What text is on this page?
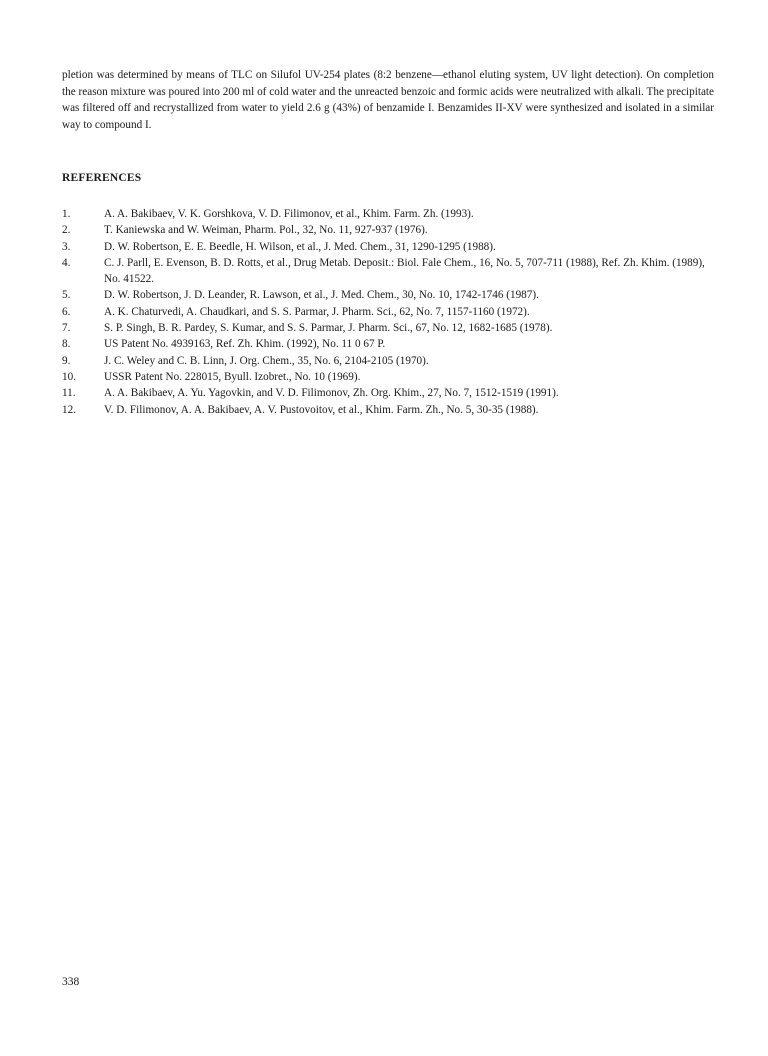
pletion was determined by means of TLC on Silufol UV-254 plates (8:2 benzene—ethanol eluting system, UV light detection). On completion the reason mixture was poured into 200 ml of cold water and the unreacted benzoic and formic acids were neutralized with alkali. The precipitate was filtered off and recrystallized from water to yield 2.6 g (43%) of benzamide I. Benzamides II-XV were synthesized and isolated in a similar way to compound I.

REFERENCES
1.	A. A. Bakibaev, V. K. Gorshkova, V. D. Filimonov, et al., Khim. Farm. Zh. (1993).
2.	T. Kaniewska and W. Weiman, Pharm. Pol., 32, No. 11, 927-937 (1976).
3.	D. W. Robertson, E. E. Beedle, H. Wilson, et al., J. Med. Chem., 31, 1290-1295 (1988).
4.	C. J. Parll, E. Evenson, B. D. Rotts, et al., Drug Metab. Deposit.: Biol. Fale Chem., 16, No. 5, 707-711 (1988), Ref. Zh. Khim. (1989), No. 41522.
5.	D. W. Robertson, J. D. Leander, R. Lawson, et al., J. Med. Chem., 30, No. 10, 1742-1746 (1987).
6.	A. K. Chaturvedi, A. Chaudkari, and S. S. Parmar, J. Pharm. Sci., 62, No. 7, 1157-1160 (1972).
7.	S. P. Singh, B. R. Pardey, S. Kumar, and S. S. Parmar, J. Pharm. Sci., 67, No. 12, 1682-1685 (1978).
8.	US Patent No. 4939163, Ref. Zh. Khim. (1992), No. 11 0 67 P.
9.	J. C. Weley and C. B. Linn, J. Org. Chem., 35, No. 6, 2104-2105 (1970).
10.	USSR Patent No. 228015, Byull. Izobret., No. 10 (1969).
11.	A. A. Bakibaev, A. Yu. Yagovkin, and V. D. Filimonov, Zh. Org. Khim., 27, No. 7, 1512-1519 (1991).
12.	V. D. Filimonov, A. A. Bakibaev, A. V. Pustovoitov, et al., Khim. Farm. Zh., No. 5, 30-35 (1988).
338
